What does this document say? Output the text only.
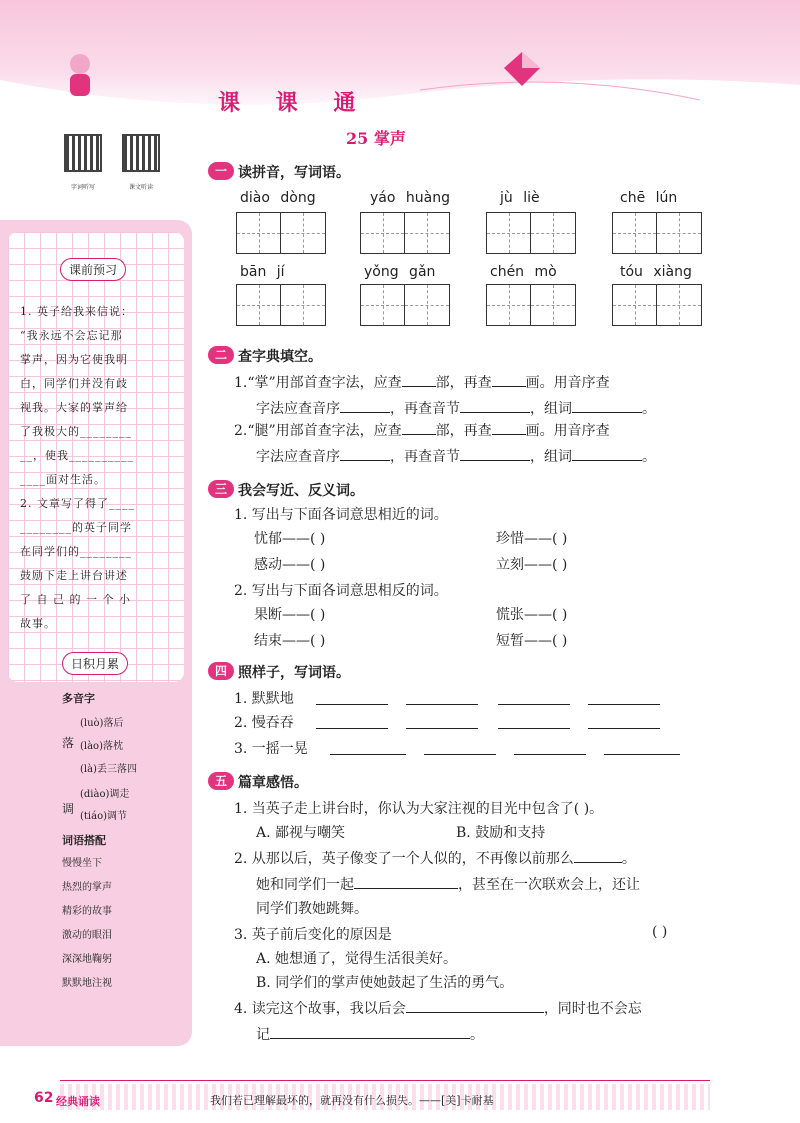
课 课 通
25 掌声
字词听写	课文听读
课前预习
1. 英子给我来信说：
“我永远不会忘记那
掌声，因为它使我明
白，同学们并没有歧
视我。大家的掌声给
了我极大的________
__，使我__________
____面对生活。
2. 文章写了得了____
________的英子同学
在同学们的________
鼓励下走上讲台讲述
了 自 己 的 一 个 小
故事。
日积月累
多音字
落
(luò)落后
(lào)落枕
(là)丢三落四
调
(diào)调走
(tiáo)调节
词语搭配
慢慢坐下
热烈的掌声
精彩的故事
激动的眼泪
深深地鞠躬
默默地注视
一 读拼音，写词语。
diào dòng	yáo huàng	jù liè	chē lún
bān jí	yǒng gǎn	chén mò	tóu xiàng
二 查字典填空。
1.“掌”用部首查字法，应查 部，再查 画。用音序查
字法应查音序	，再查音节	，组词	。
2.“腿”用部首查字法，应查 部，再查 画。用音序查
字法应查音序	，再查音节	，组词	。
三 我会写近、反义词。
1. 写出与下面各词意思相近的词。
忧郁——( )	珍惜——( )
感动——( )	立刻——( )
2. 写出与下面各词意思相反的词。
果断——( )	慌张——( )
结束——( )	短暂——( )
四 照样子，写词语。
1. 默默地
2. 慢吞吞
3. 一摇一晃
五 篇章感悟。
1. 当英子走上讲台时，你认为大家注视的目光中包含了( )。
A. 鄙视与嘲笑	B. 鼓励和支持
2. 从那以后，英子像变了一个人似的，不再像以前那么	。
她和同学们一起	，甚至在一次联欢会上，还让
同学们教她跳舞。
3. 英子前后变化的原因是	( )
A. 她想通了，觉得生活很美好。
B. 同学们的掌声使她鼓起了生活的勇气。
4. 读完这个故事，我以后会	，同时也不会忘
记	。
62 经典诵读	我们若已理解最坏的，就再没有什么损失。——[美]卡耐基
